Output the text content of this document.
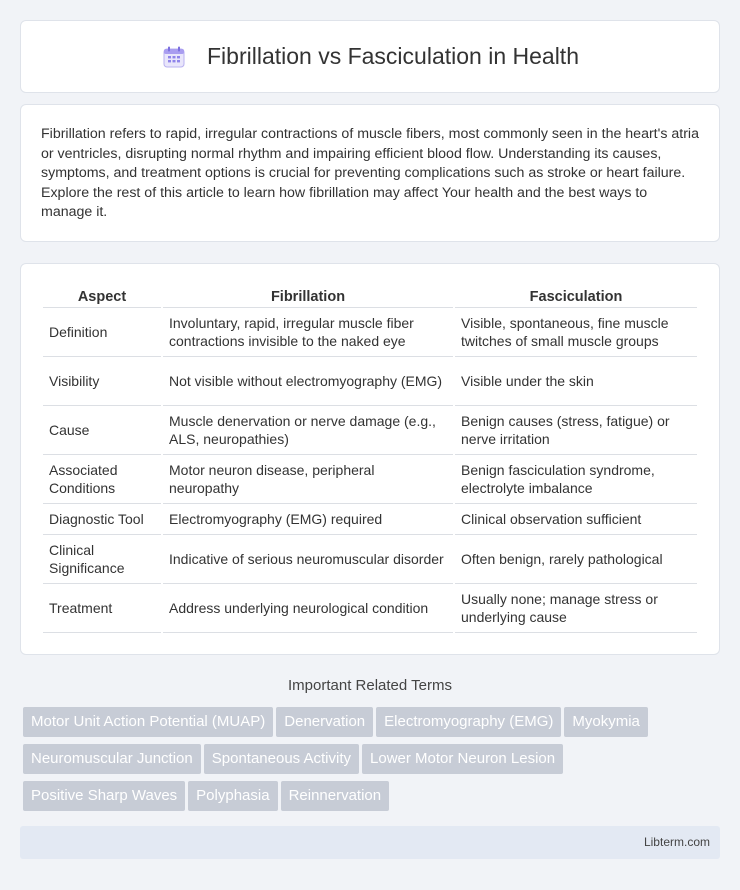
Fibrillation vs Fasciculation in Health

Fibrillation refers to rapid, irregular contractions of muscle fibers, most commonly seen in the heart's atria or ventricles, disrupting normal rhythm and impairing efficient blood flow. Understanding its causes, symptoms, and treatment options is crucial for preventing complications such as stroke or heart failure. Explore the rest of this article to learn how fibrillation may affect Your health and the best ways to manage it.

Aspect	Fibrillation	Fasciculation
Definition	Involuntary, rapid, irregular muscle fiber contractions invisible to the naked eye	Visible, spontaneous, fine muscle twitches of small muscle groups
Visibility	Not visible without electromyography (EMG)	Visible under the skin
Cause	Muscle denervation or nerve damage (e.g., ALS, neuropathies)	Benign causes (stress, fatigue) or nerve irritation
Associated Conditions	Motor neuron disease, peripheral neuropathy	Benign fasciculation syndrome, electrolyte imbalance
Diagnostic Tool	Electromyography (EMG) required	Clinical observation sufficient
Clinical Significance	Indicative of serious neuromuscular disorder	Often benign, rarely pathological
Treatment	Address underlying neurological condition	Usually none; manage stress or underlying cause
Important Related Terms
Motor Unit Action Potential (MUAP) Denervation Electromyography (EMG) Myokymia
Neuromuscular Junction Spontaneous Activity Lower Motor Neuron Lesion
Positive Sharp Waves Polyphasia Reinnervation
Libterm.com
